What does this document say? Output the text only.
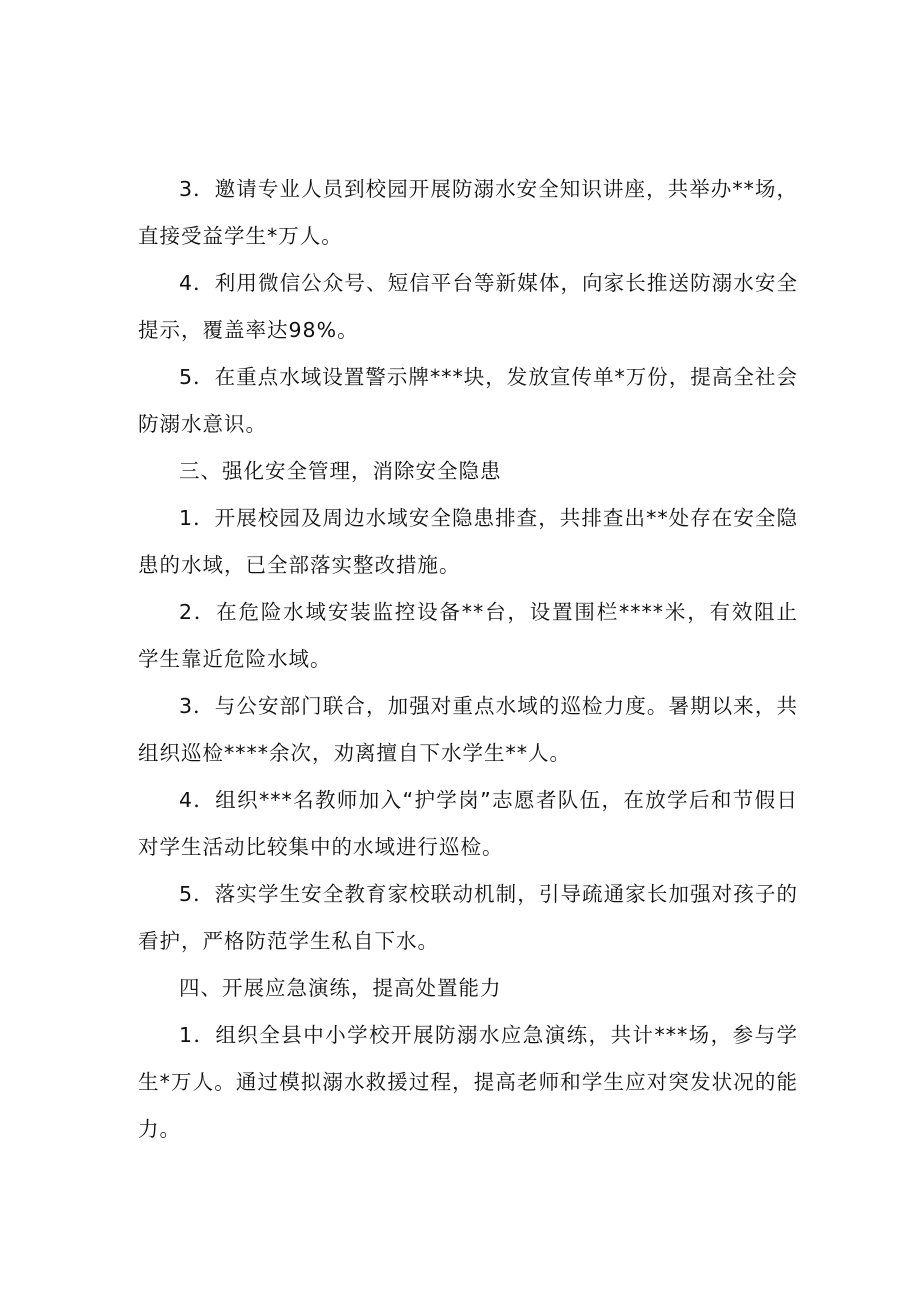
3．邀请专业人员到校园开展防溺水安全知识讲座，共举办**场，直接受益学生*万人。

4．利用微信公众号、短信平台等新媒体，向家长推送防溺水安全提示，覆盖率达98%。

5．在重点水域设置警示牌***块，发放宣传单*万份，提高全社会防溺水意识。

三、强化安全管理，消除安全隐患

1．开展校园及周边水域安全隐患排查，共排查出**处存在安全隐患的水域，已全部落实整改措施。

2．在危险水域安装监控设备**台，设置围栏****米，有效阻止学生靠近危险水域。

3．与公安部门联合，加强对重点水域的巡检力度。暑期以来，共组织巡检****余次，劝离擅自下水学生**人。

4．组织***名教师加入“护学岗”志愿者队伍，在放学后和节假日对学生活动比较集中的水域进行巡检。

5．落实学生安全教育家校联动机制，引导疏通家长加强对孩子的看护，严格防范学生私自下水。

四、开展应急演练，提高处置能力

1．组织全县中小学校开展防溺水应急演练，共计***场，参与学生*万人。通过模拟溺水救援过程，提高老师和学生应对突发状况的能力。
